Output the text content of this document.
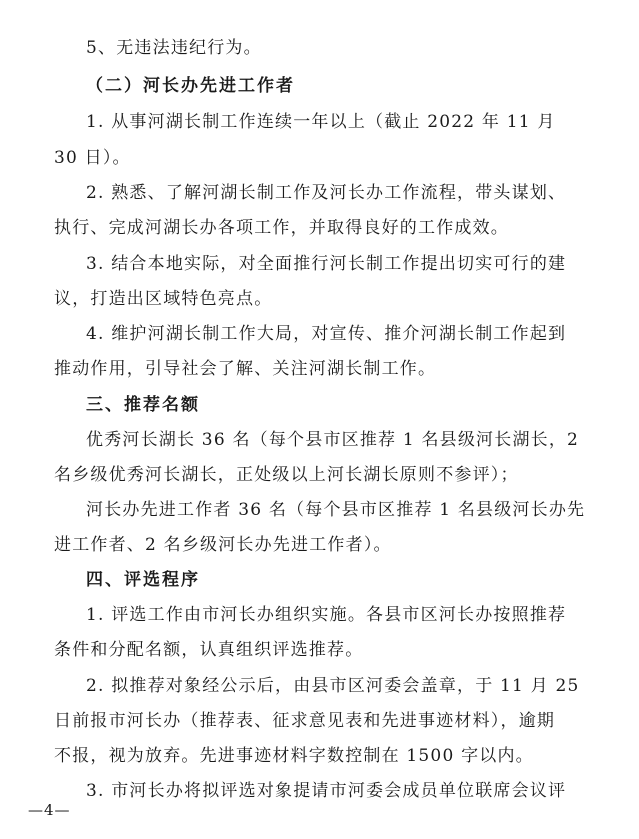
5、无违法违纪行为。
（二）河长办先进工作者
1. 从事河湖长制工作连续一年以上（截止 2022 年 11 月
30 日）。
2. 熟悉、了解河湖长制工作及河长办工作流程，带头谋划、
执行、完成河湖长办各项工作，并取得良好的工作成效。
3. 结合本地实际，对全面推行河长制工作提出切实可行的建
议，打造出区域特色亮点。
4. 维护河湖长制工作大局，对宣传、推介河湖长制工作起到
推动作用，引导社会了解、关注河湖长制工作。
三、推荐名额
优秀河长湖长 36 名（每个县市区推荐 1 名县级河长湖长，2
名乡级优秀河长湖长，正处级以上河长湖长原则不参评）；
河长办先进工作者 36 名（每个县市区推荐 1 名县级河长办先
进工作者、2 名乡级河长办先进工作者）。
四、评选程序
1. 评选工作由市河长办组织实施。各县市区河长办按照推荐
条件和分配名额，认真组织评选推荐。
2. 拟推荐对象经公示后，由县市区河委会盖章，于 11 月 25
日前报市河长办（推荐表、征求意见表和先进事迹材料），逾期
不报，视为放弃。先进事迹材料字数控制在 1500 字以内。
3. 市河长办将拟评选对象提请市河委会成员单位联席会议评
—4—
